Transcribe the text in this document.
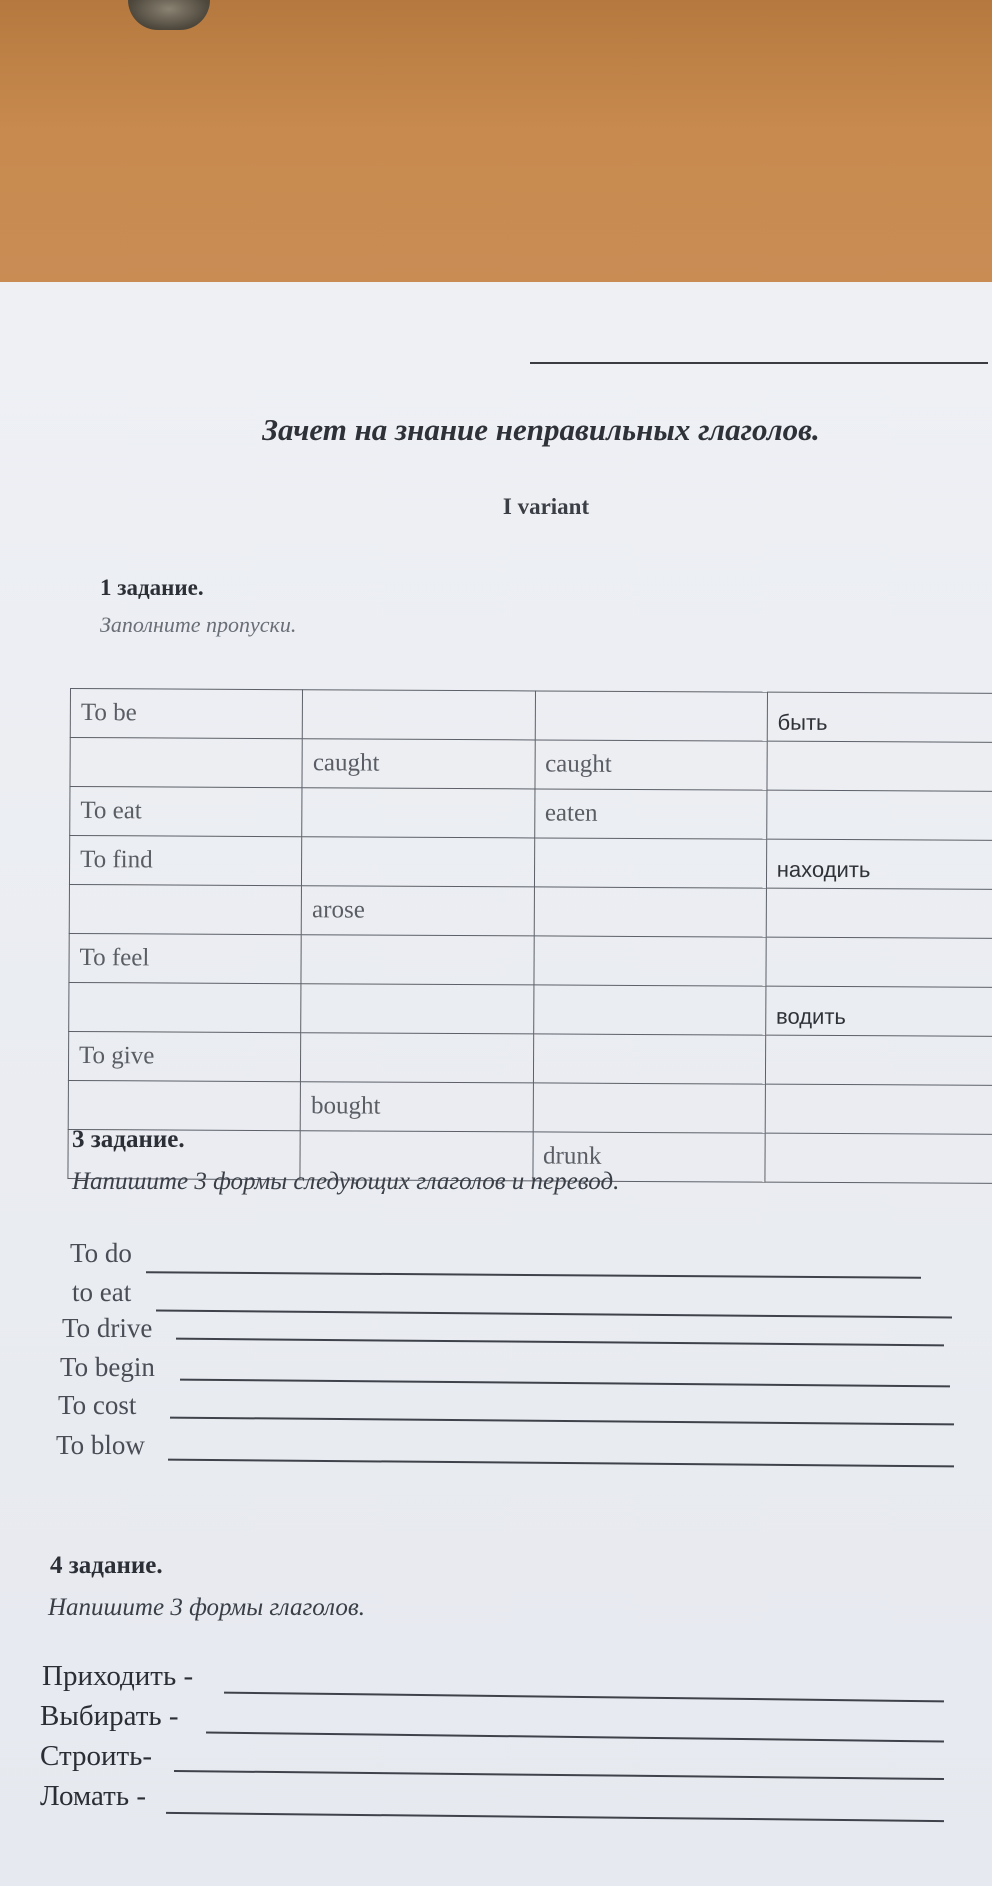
Зачет на знание неправильных глаголов.
I variant
1 задание.
Заполните пропуски.
To be			быть
	caught	caught	
To eat		eaten	
To find			находить
	arose		
To feel			
			водить
To give			
	bought		
		drunk	
3 задание.
Напишите 3 формы следующих глаголов и перевод.
To do
to eat
To drive
To begin
To cost
To blow
4 задание.
Напишите 3 формы глаголов.
Приходить -
Выбирать -
Строить-
Ломать -
